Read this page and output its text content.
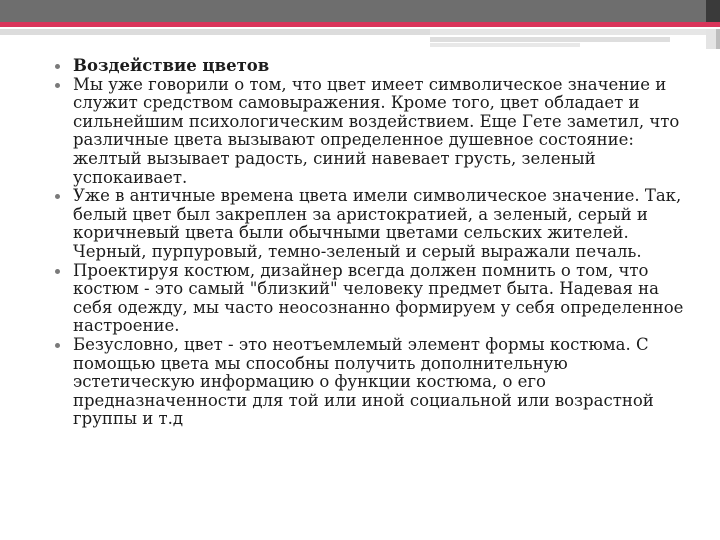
Воздействие цветов

Мы уже говорили о том, что цвет имеет символическое значение и служит средством самовыражения. Кроме того, цвет обладает и сильнейшим психологическим воздействием. Еще Гете заметил, что различные цвета вызывают определенное душевное состояние: желтый вызывает радость, синий навевает грусть, зеленый успокаивает.

Уже в античные времена цвета имели символическое значение. Так, белый цвет был закреплен за аристократией, а зеленый, серый и коричневый цвета были обычными цветами сельских жителей. Черный, пурпуровый, темно-зеленый и серый выражали печаль.

Проектируя костюм, дизайнер всегда должен помнить о том, что костюм - это самый "близкий" человеку предмет быта. Надевая на себя одежду, мы часто неосознанно формируем у себя определенное настроение.

Безусловно, цвет - это неотъемлемый элемент формы костюма. С помощью цвета мы способны получить дополнительную эстетическую информацию о функции костюма, о его предназначенности для той или иной социальной или возрастной группы и т.д
